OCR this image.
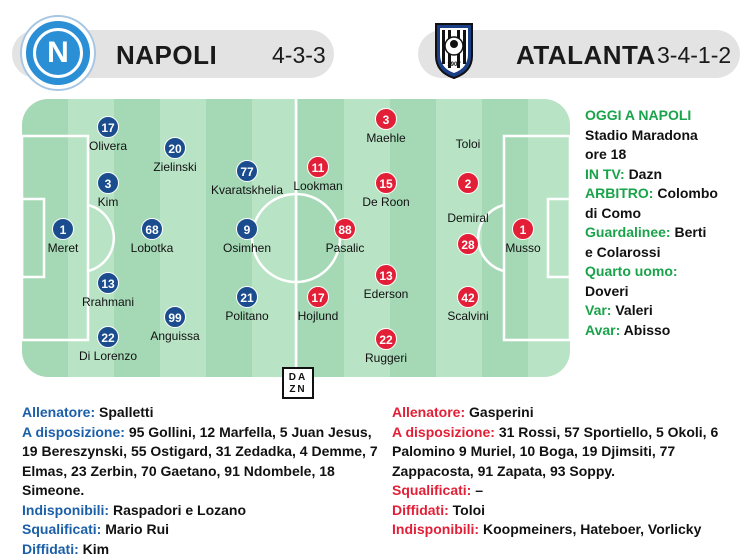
N	NAPOLI 4-3-3	1907 ATALANTA 3-4-1-2
17
Olivera	20
Zielinski	77
Kvaratskhelia
3
Kim
1
Meret
68
Lobotka
9
Osimhen
13
Rrahmani	21
Politano
99
Anguissa
22
Di Lorenzo
3
Maehle
11
Lookman	15
De Roon
2
Toloi
88
Pasalic	28
Demiral
1
Musso
13
Ederson
17
Hojlund
42
Scalvini
22
Ruggeri
DA
ZN
OGGI A NAPOLI
Stadio Maradona
ore 18
IN TV: Dazn
ARBITRO: Colombo
di Como
Guardalinee: Berti
e Colarossi
Quarto uomo:
Doveri
Var: Valeri
Avar: Abisso
Allenatore: Spalletti
A disposizione: 95 Gollini, 12 Marfella, 5 Juan Jesus, 19 Bereszynski, 55 Ostigard, 31 Zedadka, 4 Demme, 7 Elmas, 23 Zerbin, 70 Gaetano, 91 Ndombele, 18 Simeone.
Indisponibili: Raspadori e Lozano
Squalificati: Mario Rui
Diffidati: Kim
Allenatore: Gasperini
A disposizione: 31 Rossi, 57 Sportiello, 5 Okoli, 6 Palomino 9 Muriel, 10 Boga, 19 Djimsiti, 77 Zappacosta, 91 Zapata, 93 Soppy.
Squalificati: –
Diffidati: Toloi
Indisponibili: Koopmeiners, Hateboer, Vorlicky
